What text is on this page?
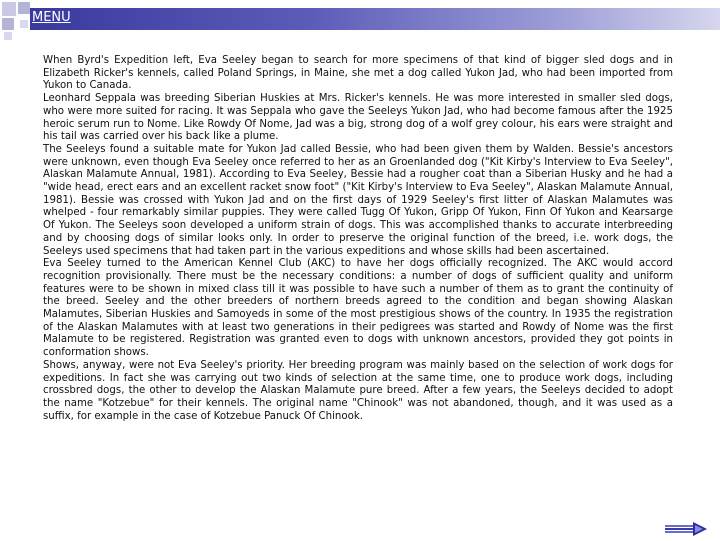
MENU

When Byrd's Expedition left, Eva Seeley began to search for more specimens of that kind of bigger sled dogs and in Elizabeth Ricker's kennels, called Poland Springs, in Maine, she met a dog called Yukon Jad, who had been imported from Yukon to Canada.

Leonhard Seppala was breeding Siberian Huskies at Mrs. Ricker's kennels. He was more interested in smaller sled dogs, who were more suited for racing. It was Seppala who gave the Seeleys Yukon Jad, who had become famous after the 1925 heroic serum run to Nome. Like Rowdy Of Nome, Jad was a big, strong dog of a wolf grey colour, his ears were straight and his tail was carried over his back like a plume.

The Seeleys found a suitable mate for Yukon Jad called Bessie, who had been given them by Walden. Bessie's ancestors were unknown, even though Eva Seeley once referred to her as an Groenlanded dog ("Kit Kirby's Interview to Eva Seeley", Alaskan Malamute Annual, 1981). According to Eva Seeley, Bessie had a rougher coat than a Siberian Husky and he had a "wide head, erect ears and an excellent racket snow foot" ("Kit Kirby's Interview to Eva Seeley", Alaskan Malamute Annual, 1981). Bessie was crossed with Yukon Jad and on the first days of 1929 Seeley's first litter of Alaskan Malamutes was whelped - four remarkably similar puppies. They were called Tugg Of Yukon, Gripp Of Yukon, Finn Of Yukon and Kearsarge Of Yukon. The Seeleys soon developed a uniform strain of dogs. This was accomplished thanks to accurate interbreeding and by choosing dogs of similar looks only. In order to preserve the original function of the breed, i.e. work dogs, the Seeleys used specimens that had taken part in the various expeditions and whose skills had been ascertained.

Eva Seeley turned to the American Kennel Club (AKC) to have her dogs officially recognized. The AKC would accord recognition provisionally. There must be the necessary conditions: a number of dogs of sufficient quality and uniform features were to be shown in mixed class till it was possible to have such a number of them as to grant the continuity of the breed. Seeley and the other breeders of northern breeds agreed to the condition and began showing Alaskan Malamutes, Siberian Huskies and Samoyeds in some of the most prestigious shows of the country. In 1935 the registration of the Alaskan Malamutes with at least two generations in their pedigrees was started and Rowdy of Nome was the first Malamute to be registered. Registration was granted even to dogs with unknown ancestors, provided they got points in conformation shows.

Shows, anyway, were not Eva Seeley's priority. Her breeding program was mainly based on the selection of work dogs for expeditions. In fact she was carrying out two kinds of selection at the same time, one to produce work dogs, including crossbred dogs, the other to develop the Alaskan Malamute pure breed. After a few years, the Seeleys decided to adopt the name "Kotzebue" for their kennels. The original name "Chinook" was not abandoned, though, and it was used as a suffix, for example in the case of Kotzebue Panuck Of Chinook.
